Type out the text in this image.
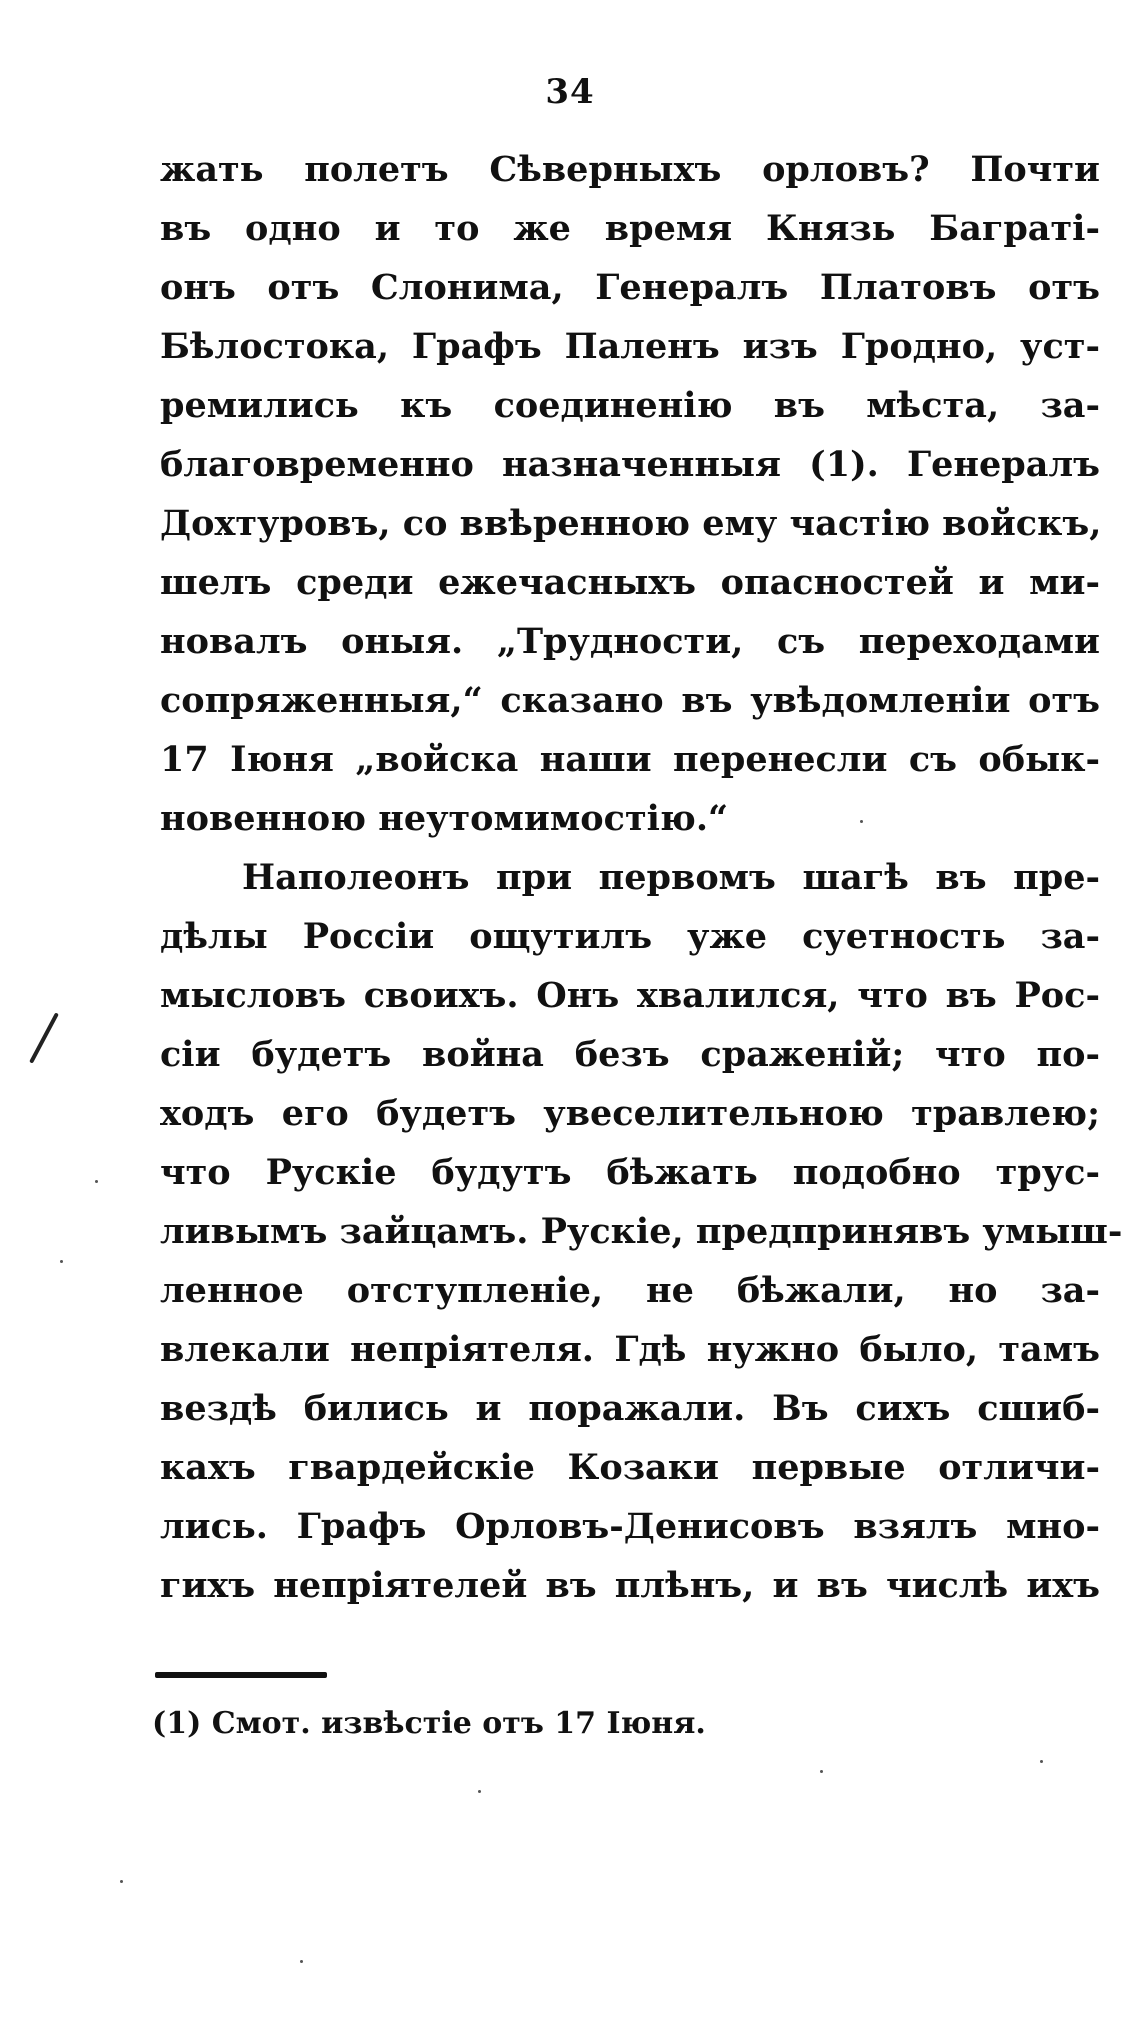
34
жать полетъ Сѣверныхъ орловъ? Почти
въ одно и то же время Князь Багратi-
онъ отъ Слонима, Генералъ Платовъ отъ
Бѣлостока, Графъ Паленъ изъ Гродно, уст-
ремились къ соединенiю въ мѣста, за-
благовременно назначенныя (1). Генералъ
Дохтуровъ, со ввѣренною ему частiю войскъ,
шелъ среди ежечасныхъ опасностей и ми-
новалъ оныя. „Трудности, съ переходами
сопряженныя,“ сказано въ увѣдомленiи отъ
17 Iюня „войска наши перенесли съ обык-
новенною неутомимостiю.“
Наполеонъ при первомъ шагѣ въ пре-
дѣлы Россiи ощутилъ уже суетность за-
мысловъ своихъ. Онъ хвалился, что въ Рос-
сiи будетъ война безъ сраженiй; что по-
ходъ его будетъ увеселительною травлею;
что Рускiе будутъ бѣжать подобно трус-
ливымъ зайцамъ. Рускiе, предпринявъ умыш-
ленное отступленiе, не бѣжали, но за-
влекали непрiятеля. Гдѣ нужно было, тамъ
вездѣ бились и поражали. Въ сихъ сшиб-
кахъ гвардейскiе Козаки первые отличи-
лись. Графъ Орловъ-Денисовъ взялъ мно-
гихъ непрiятелей въ плѣнъ, и въ числѣ ихъ
(1) Смот. извѣстiе отъ 17 Iюня.
